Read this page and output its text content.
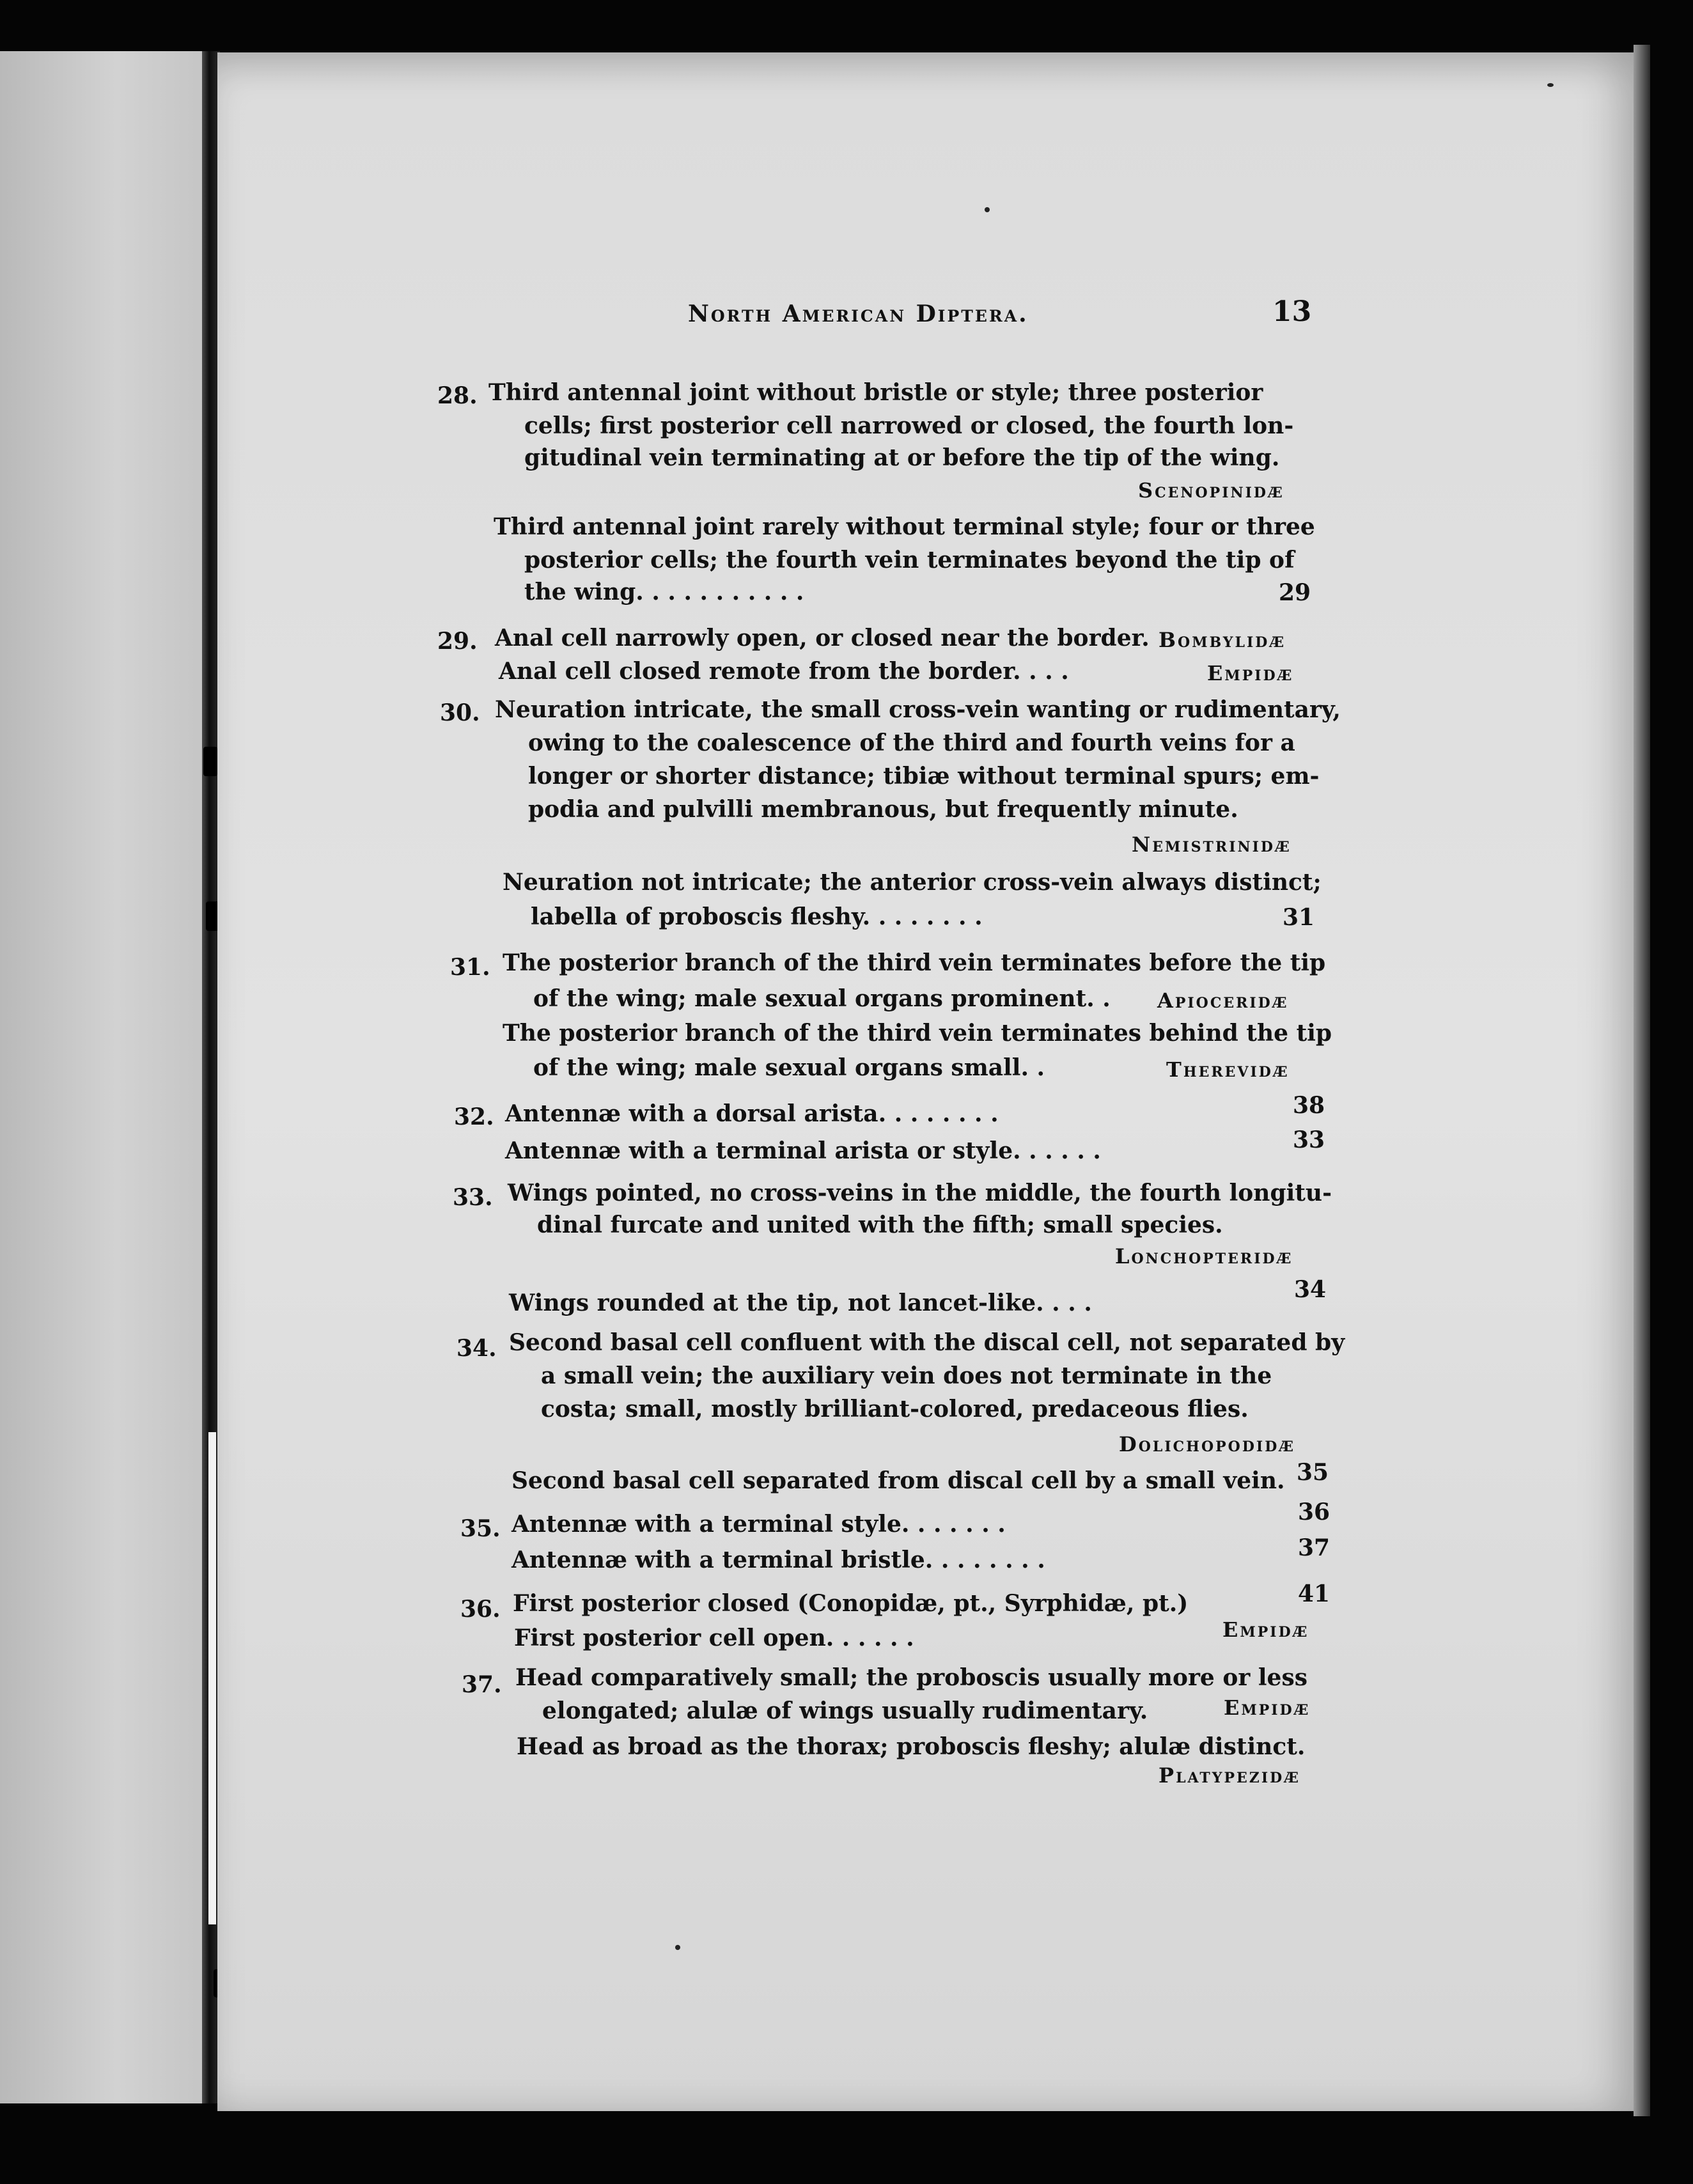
North American Diptera.	13
28. Third antennal joint without bristle or style; three posterior
cells; first posterior cell narrowed or closed, the fourth lon-
gitudinal vein terminating at or before the tip of the wing.
Scenopinidæ
Third antennal joint rarely without terminal style; four or three
posterior cells; the fourth vein terminates beyond the tip of
the wing. . . . . . . . . . .	29
29. Anal cell narrowly open, or closed near the border. Bombylidæ
Anal cell closed remote from the border. . . .	Empidæ
30. Neuration intricate, the small cross-vein wanting or rudimentary,
owing to the coalescence of the third and fourth veins for a
longer or shorter distance; tibiæ without terminal spurs; em-
podia and pulvilli membranous, but frequently minute.
Nemistrinidæ
Neuration not intricate; the anterior cross-vein always distinct;
labella of proboscis fleshy. . . . . . . .	31
31. The posterior branch of the third vein terminates before the tip
of the wing; male sexual organs prominent. . Apioceridæ
The posterior branch of the third vein terminates behind the tip
of the wing; male sexual organs small. .	Therevidæ
32. Antennæ with a dorsal arista. . . . . . . .	38
Antennæ with a terminal arista or style. . . . . .	33
33. Wings pointed, no cross-veins in the middle, the fourth longitu-
dinal furcate and united with the fifth; small species.
Lonchopteridæ
Wings rounded at the tip, not lancet-like. . . .	34
34. Second basal cell confluent with the discal cell, not separated by
a small vein; the auxiliary vein does not terminate in the
costa; small, mostly brilliant-colored, predaceous flies.
Dolichopodidæ
Second basal cell separated from discal cell by a small vein. 35
35. Antennæ with a terminal style. . . . . . .	36
Antennæ with a terminal bristle. . . . . . . .	37
36. First posterior closed (Conopidæ, pt., Syrphidæ, pt.)	41
First posterior cell open. . . . . .	Empidæ
37. Head comparatively small; the proboscis usually more or less
elongated; alulæ of wings usually rudimentary.	Empidæ
Head as broad as the thorax; proboscis fleshy; alulæ distinct.
Platypezidæ
